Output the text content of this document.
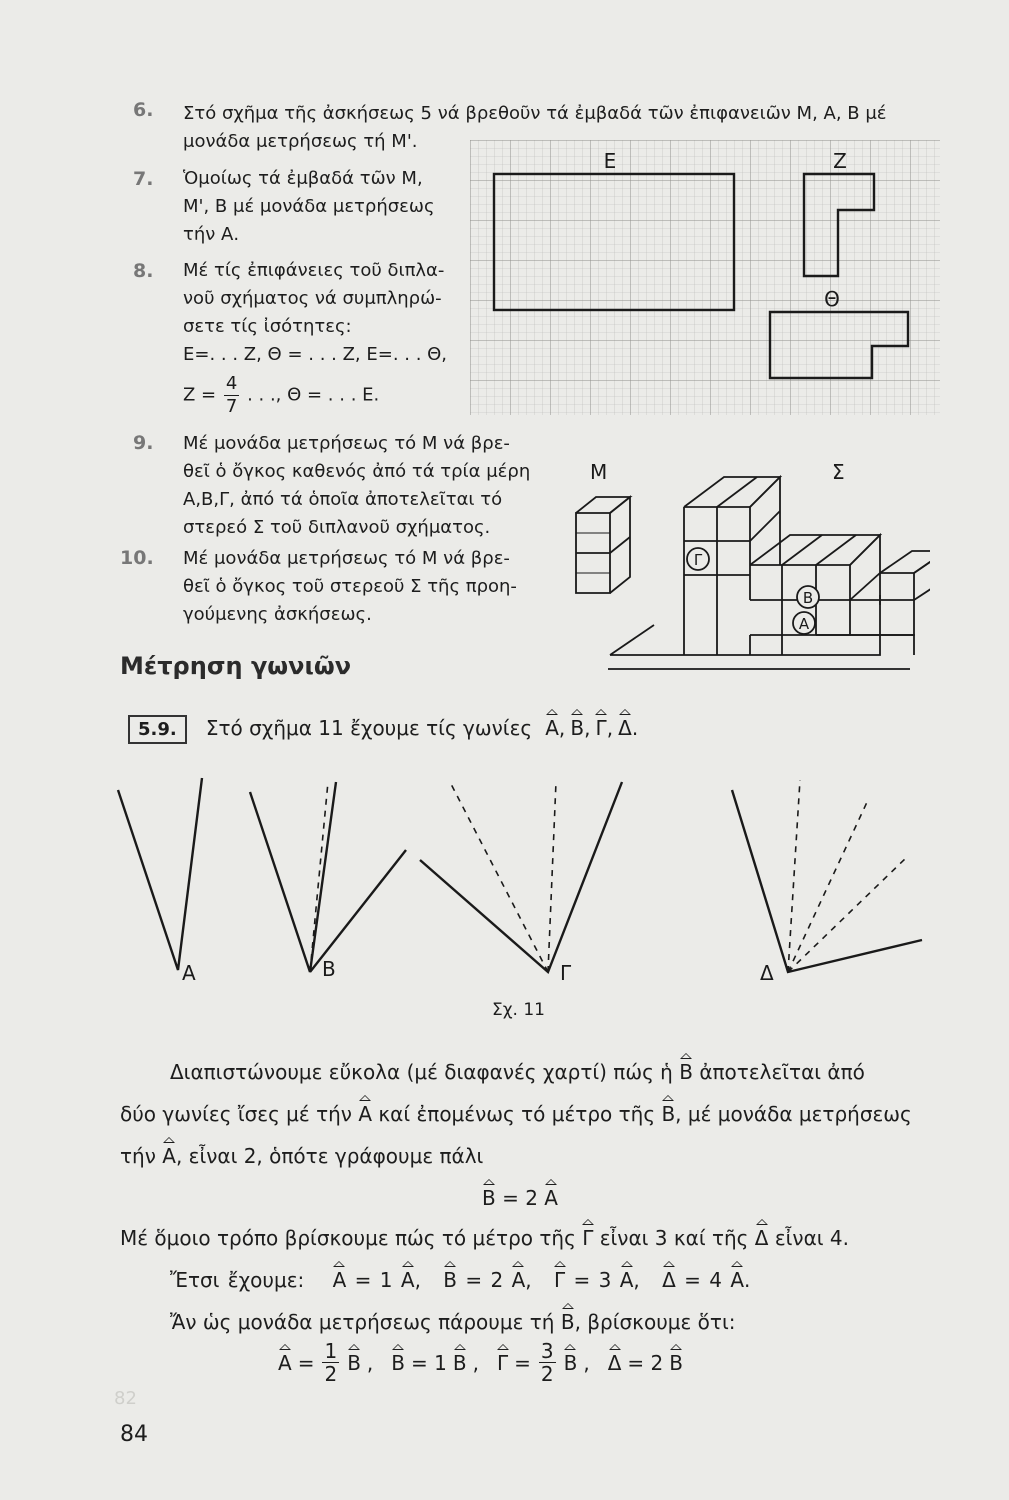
6. Στό σχῆμα τῆς ἀσκήσεως 5 νά βρεθοῦν τά ἐμβαδά τῶν ἐπιφανειῶν Μ, Α, Β μέ μονάδα μετρήσεως τή Μ'.
7. Ὁμοίως τά ἐμβαδά τῶν Μ,
Μ', Β μέ μονάδα μετρήσεως
τήν Α.
8. Μέ τίς ἐπιφάνειες τοῦ διπλα-
νοῦ σχήματος νά συμπληρώ-
σετε τίς ἰσότητες:
Ε=. . . Ζ, Θ = . . . Ζ, Ε=. . . Θ,
$Z = \frac{4}{7}$ . . ., Θ = . . . Ε.
Ε	Ζ
Θ
9. Μέ μονάδα μετρήσεως τό Μ νά βρε-
θεῖ ὁ ὄγκος καθενός ἀπό τά τρία μέρη
Α,Β,Γ, ἀπό τά ὁποῖα ἀποτελεῖται τό
στερεό Σ τοῦ διπλανοῦ σχήματος.
10. Μέ μονάδα μετρήσεως τό Μ νά βρε-
θεῖ ὁ ὄγκος τοῦ στερεοῦ Σ τῆς προη-
γούμενης ἀσκήσεως.
Μ	Σ
Γ
Β
Α
Μέτρηση γωνιῶν
5.9. Στό σχῆμα 11 ἔχουμε τίς γωνίες Α, Β, Γ, Δ.
Α	Β	Γ	Δ
Σχ. 11
Διαπιστώνουμε εὔκολα (μέ διαφανές χαρτί) πώς ἡ Β ἀποτελεῖται ἀπό
δύο γωνίες ἴσες μέ τήν Α καί ἐπομένως τό μέτρο τῆς Β, μέ μονάδα μετρήσεως
τήν Α, εἶναι 2, ὁπότε γράφουμε πάλι
Β = 2 Α
Μέ ὅμοιο τρόπο βρίσκουμε πώς τό μέτρο τῆς Γ εἶναι 3 καί τῆς Δ εἶναι 4.
Ἔτσι ἔχουμε: Α = 1 Α, Β = 2 Α, Γ = 3 Α, Δ = 4 Α.
Ἄν ὡς μονάδα μετρήσεως πάρουμε τή Β, βρίσκουμε ὅτι:
$A = \frac{1}{2}$ Β , Β = 1 Β , $\Gamma = \frac{3}{2}$ Β , Δ = 2 Β
82
84
